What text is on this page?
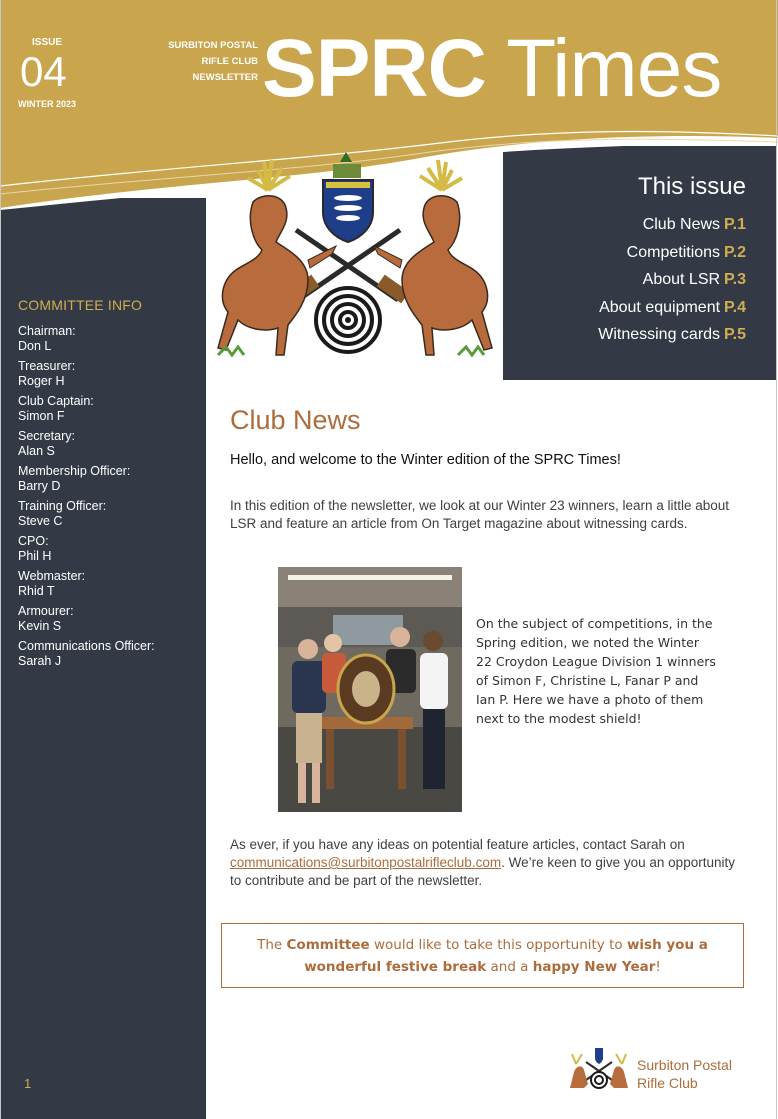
ISSUE
04
WINTER 2023
SURBITON POSTAL
RIFLE CLUB
NEWSLETTER SPRC Times
COMMITTEE INFO
Chairman:
Don L
Treasurer:
Roger H
Club Captain:
Simon F
Secretary:
Alan S
Membership Officer:
Barry D
Training Officer:
Steve C
CPO:
Phil H
Webmaster:
Rhid T
Armourer:
Kevin S
Communications Officer:
Sarah J
1
This issue
Club News P.1
Competitions P.2
About LSR P.3
About equipment P.4
Witnessing cards P.5
Club News
Hello, and welcome to the Winter edition of the SPRC Times!
In this edition of the newsletter, we look at our Winter 23 winners, learn a little about LSR and feature an article from On Target magazine about witnessing cards.
On the subject of competitions, in the Spring edition, we noted the Winter 22 Croydon League Division 1 winners of Simon F, Christine L, Fanar P and Ian P. Here we have a photo of them next to the modest shield!
As ever, if you have any ideas on potential feature articles, contact Sarah on communications@surbitonpostalrifleclub.com. We’re keen to give you an opportunity to contribute and be part of the newsletter.
The Committee would like to take this opportunity to wish you a wonderful festive break and a happy New Year!
Surbiton Postal
Rifle Club
